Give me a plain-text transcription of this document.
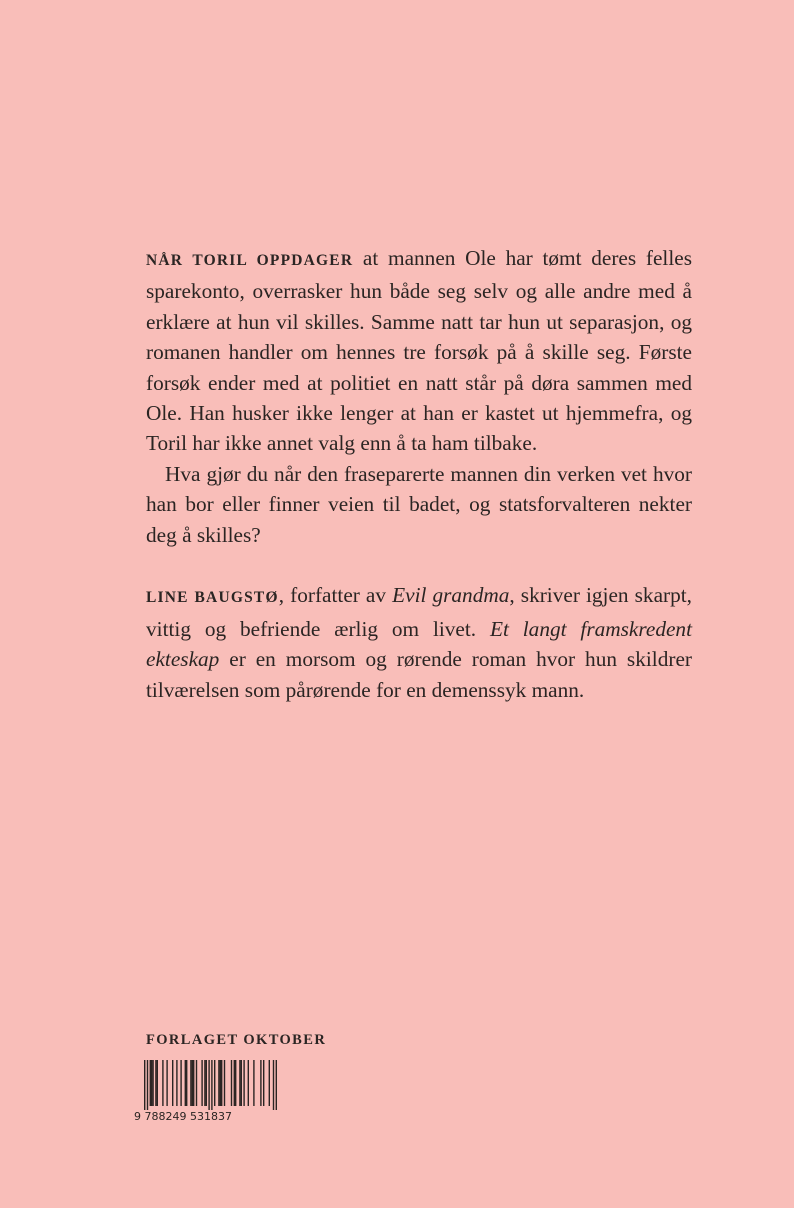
NÅR TORIL OPPDAGER at mannen Ole har tømt deres felles sparekonto, overrasker hun både seg selv og alle andre med å erklære at hun vil skilles. Samme natt tar hun ut separasjon, og romanen handler om hennes tre forsøk på å skille seg. Første forsøk ender med at politiet en natt står på døra sammen med Ole. Han husker ikke lenger at han er kastet ut hjemmefra, og Toril har ikke annet valg enn å ta ham tilbake.

Hva gjør du når den fraseparerte mannen din verken vet hvor han bor eller finner veien til badet, og statsforvalteren nekter deg å skilles?

LINE BAUGSTØ, forfatter av Evil grandma, skriver igjen skarpt, vittig og befriende ærlig om livet. Et langt framskredent ekteskap er en morsom og rørende roman hvor hun skildrer tilværelsen som pårørende for en demenssyk mann.

FORLAGET OKTOBER
9 788249 531837
